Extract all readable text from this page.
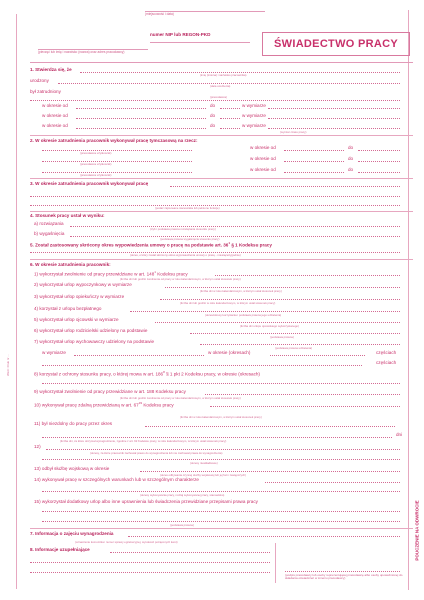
Wzór: Druk nr ...
POUCZENIE NA ODWROCIE
(miejscowość i data)
(pieczęć lub imię i nazwisko (nazwa) oraz adres pracodawcy)
numer NIP lub REGON-PKD
ŚWIADECTWO PRACY
1. Stwierdza się, że
(imię (imiona) i nazwisko pracownika)
urodzony
(data urodzenia)
był zatrudniony
(pracodawca)
w okresie od	do	w wymiarze
w okresie od	do	w wymiarze
w okresie od	do	w wymiarze
(wymiar czasu pracy)
2. W okresie zatrudnienia pracownik wykonywał pracę tymczasową na rzecz:
(pracodawca użytkownik)
w okresie od	do
(pracodawca użytkownik)
w okresie od	do
(pracodawca użytkownik)
w okresie od	do
3. W okresie zatrudnienia pracownik wykonywał pracę
(podać zajmowane stanowiska lub pełnione funkcje)
4. Stosunek pracy ustał w wyniku:
a) rozwiązania
(tryb i podstawa prawna rozwiązania stosunku pracy)
b) wygaśnięcia
(podstawa prawna wygaśnięcia stosunku pracy)
5. Został zastosowany skrócony okres wypowiedzenia umowy o pracę na podstawie art. $36^1$ § 1 Kodeksu pracy
(okres, o który został skrócony okres wypowiedzenia umowy o pracę - miesiące/tygodnie)
6. W okresie zatrudnienia pracownik:
1) wykorzystał zwolnienie od pracy przewidziane w art. $148^1$ Kodeksu pracy
(liczba dni lub godzin zwolnienia od pracy w roku kalendarzowym, w którym ustał stosunek pracy)
2) wykorzystał urlop wypoczynkowy w wymiarze
(liczba dni w roku kalendarzowym, w którym ustał stosunek pracy)
3) wykorzystał urlop opiekuńczy w wymiarze
(liczba dni lub godzin w roku kalendarzowym, w którym ustał stosunek pracy)
4) korzystał z urlopu bezpłatnego
(okres/okresy korzystania i podstawa prawna jego udzielenia)
5) wykorzystał urlop ojcowski w wymiarze
(liczba dni urlopu ojcowskiego wykorzystanego)
6) wykorzystał urlop rodzicielski udzielony na podstawie
(podstawa prawna)
7) wykorzystał urlop wychowawczy udzielony na podstawie
(podstawa prawna udzielenia)
w wymiarze	w okresie (okresach)	częściach
częściach
8) korzystał z ochrony stosunku pracy, o której mowa w art. $186^8$ § 1 pkt 2 Kodeksu pracy, w okresie (okresach)
9) wykorzystał zwolnienie od pracy przewidziane w art. 188 Kodeksu pracy
(liczba dni lub godzin zwolnienia od pracy w roku kalendarzowym, w którym ustał stosunek pracy)
10) wykonywał pracę zdalną przewidzianą w art. $67^{33}$ Kodeksu pracy
(liczba dni w roku kalendarzowym, w którym ustał stosunek pracy)
11) był niezdolny do pracy przez okres
dni
(liczba dni, za które otrzymał wynagrodzenie, zgodnie z art. 92 Kodeksu pracy, w roku kalendarzowym, w którym ustał stosunek pracy)
12)
(okresy, za które pracownik zachował prawo do wynagrodzenia lub nie zachował prawa do wynagrodzenia)
(okresy nieskładkowe)
13) odbył służbę wojskową w okresie
(okres odbywania czynnej służby wojskowej lub jej form zastępczych)
14) wykonywał pracę w szczególnych warunkach lub w szczególnym charakterze
(okresy wykonywania pracy, rodzaj wykonywanej pracy, stanowisko)
15) wykorzystał dodatkowy urlop albo inne uprawnienia lub świadczenia przewidziane przepisami prawa pracy
(podstawa prawna)
7. Informacja o zajęciu wynagrodzenia
(oznaczenie komornika i numer sprawy egzekucyjnej, wysokość potrąconych kwot)
8. Informacje uzupełniające
(podpis pracodawcy lub osoby reprezentującej pracodawcę albo osoby upoważnionej do składania oświadczeń w imieniu pracodawcy)
